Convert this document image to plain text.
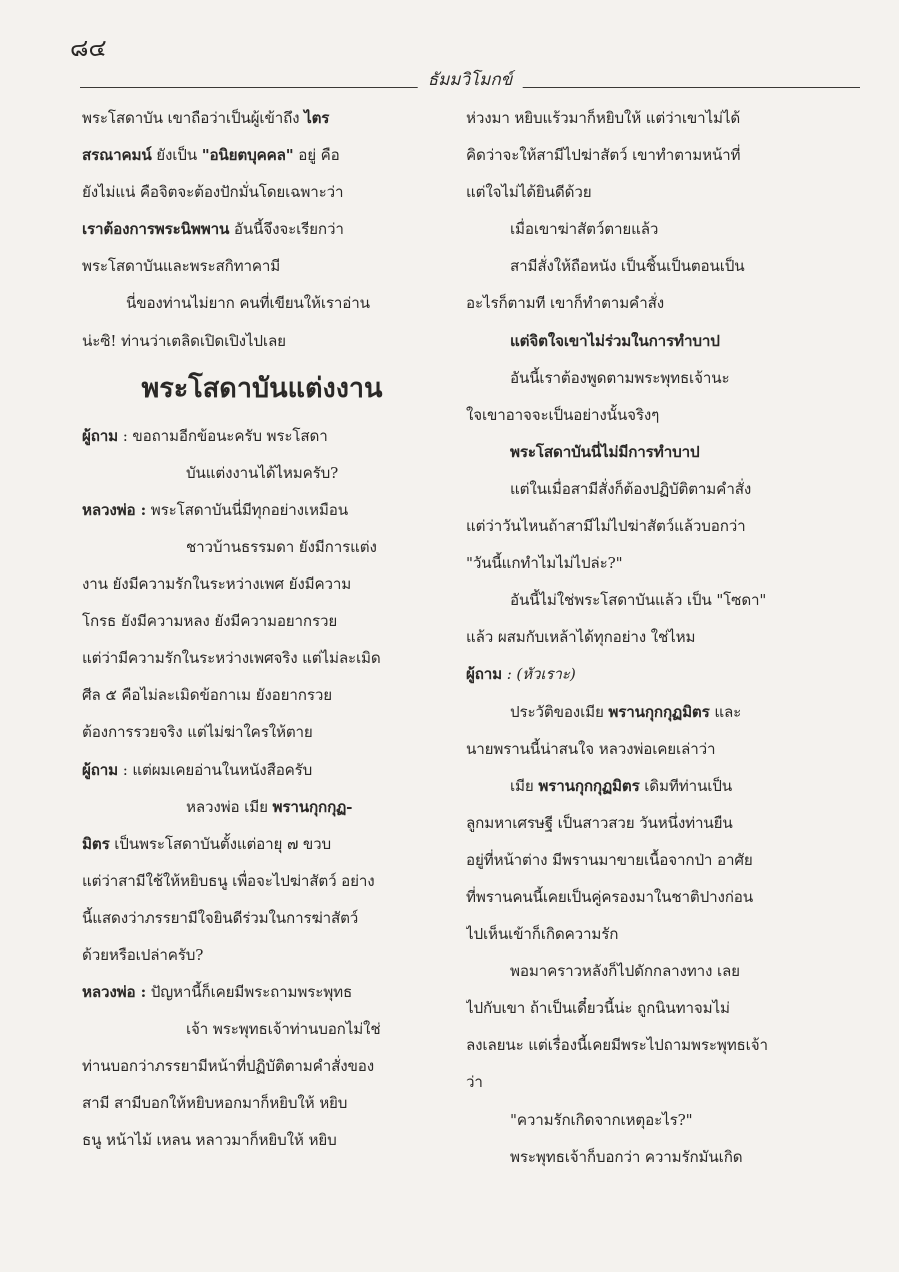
๘๔
ธัมมวิโมกข์
พระโสดาบัน เขาถือว่าเป็นผู้เข้าถึง ไตร
สรณาคมน์ ยังเป็น "อนิยตบุคคล" อยู่ คือ
ยังไม่แน่ คือจิตจะต้องปักมั่นโดยเฉพาะว่า
เราต้องการพระนิพพาน อันนี้จึงจะเรียกว่า
พระโสดาบันและพระสกิทาคามี
นี่ของท่านไม่ยาก คนที่เขียนให้เราอ่าน
น่ะซิ! ท่านว่าเตลิดเปิดเปิงไปเลย
พระโสดาบันแต่งงาน
ผู้ถาม : ขอถามอีกข้อนะครับ พระโสดา
บันแต่งงานได้ไหมครับ?
หลวงพ่อ : พระโสดาบันนี่มีทุกอย่างเหมือน
ชาวบ้านธรรมดา ยังมีการแต่ง
งาน ยังมีความรักในระหว่างเพศ ยังมีความ
โกรธ ยังมีความหลง ยังมีความอยากรวย
แต่ว่ามีความรักในระหว่างเพศจริง แต่ไม่ละเมิด
ศีล ๕ คือไม่ละเมิดข้อกาเม ยังอยากรวย
ต้องการรวยจริง แต่ไม่ฆ่าใครให้ตาย
ผู้ถาม : แต่ผมเคยอ่านในหนังสือครับ
หลวงพ่อ เมีย พรานกุกกุฏ-
มิตร เป็นพระโสดาบันตั้งแต่อายุ ๗ ขวบ
แต่ว่าสามีใช้ให้หยิบธนู เพื่อจะไปฆ่าสัตว์ อย่าง
นี้แสดงว่าภรรยามีใจยินดีร่วมในการฆ่าสัตว์
ด้วยหรือเปล่าครับ?
หลวงพ่อ : ปัญหานี้ก็เคยมีพระถามพระพุทธ
เจ้า พระพุทธเจ้าท่านบอกไม่ใช่
ท่านบอกว่าภรรยามีหน้าที่ปฏิบัติตามคำสั่งของ
สามี สามีบอกให้หยิบหอกมาก็หยิบให้ หยิบ
ธนู หน้าไม้ เหลน หลาวมาก็หยิบให้ หยิบ
ห่วงมา หยิบแร้วมาก็หยิบให้ แต่ว่าเขาไม่ได้
คิดว่าจะให้สามีไปฆ่าสัตว์ เขาทำตามหน้าที่
แต่ใจไม่ได้ยินดีด้วย
เมื่อเขาฆ่าสัตว์ตายแล้ว
สามีสั่งให้ถือหนัง เป็นชิ้นเป็นตอนเป็น
อะไรก็ตามที เขาก็ทำตามคำสั่ง
แต่จิตใจเขาไม่ร่วมในการทำบาป
อันนี้เราต้องพูดตามพระพุทธเจ้านะ
ใจเขาอาจจะเป็นอย่างนั้นจริงๆ
พระโสดาบันนี่ไม่มีการทำบาป
แต่ในเมื่อสามีสั่งก็ต้องปฏิบัติตามคำสั่ง
แต่ว่าวันไหนถ้าสามีไม่ไปฆ่าสัตว์แล้วบอกว่า
"วันนี้แกทำไมไม่ไปล่ะ?"
อันนี้ไม่ใช่พระโสดาบันแล้ว เป็น "โซดา"
แล้ว ผสมกับเหล้าได้ทุกอย่าง ใช่ไหม
ผู้ถาม : (หัวเราะ)
ประวัติของเมีย พรานกุกกุฏมิตร และ
นายพรานนี้น่าสนใจ หลวงพ่อเคยเล่าว่า
เมีย พรานกุกกุฏมิตร เดิมทีท่านเป็น
ลูกมหาเศรษฐี เป็นสาวสวย วันหนึ่งท่านยืน
อยู่ที่หน้าต่าง มีพรานมาขายเนื้อจากป่า อาศัย
ที่พรานคนนี้เคยเป็นคู่ครองมาในชาติปางก่อน
ไปเห็นเข้าก็เกิดความรัก
พอมาคราวหลังก็ไปดักกลางทาง เลย
ไปกับเขา ถ้าเป็นเดี๋ยวนี้น่ะ ถูกนินทาจมไม่
ลงเลยนะ แต่เรื่องนี้เคยมีพระไปถามพระพุทธเจ้า
ว่า
"ความรักเกิดจากเหตุอะไร?"
พระพุทธเจ้าก็บอกว่า ความรักมันเกิด
